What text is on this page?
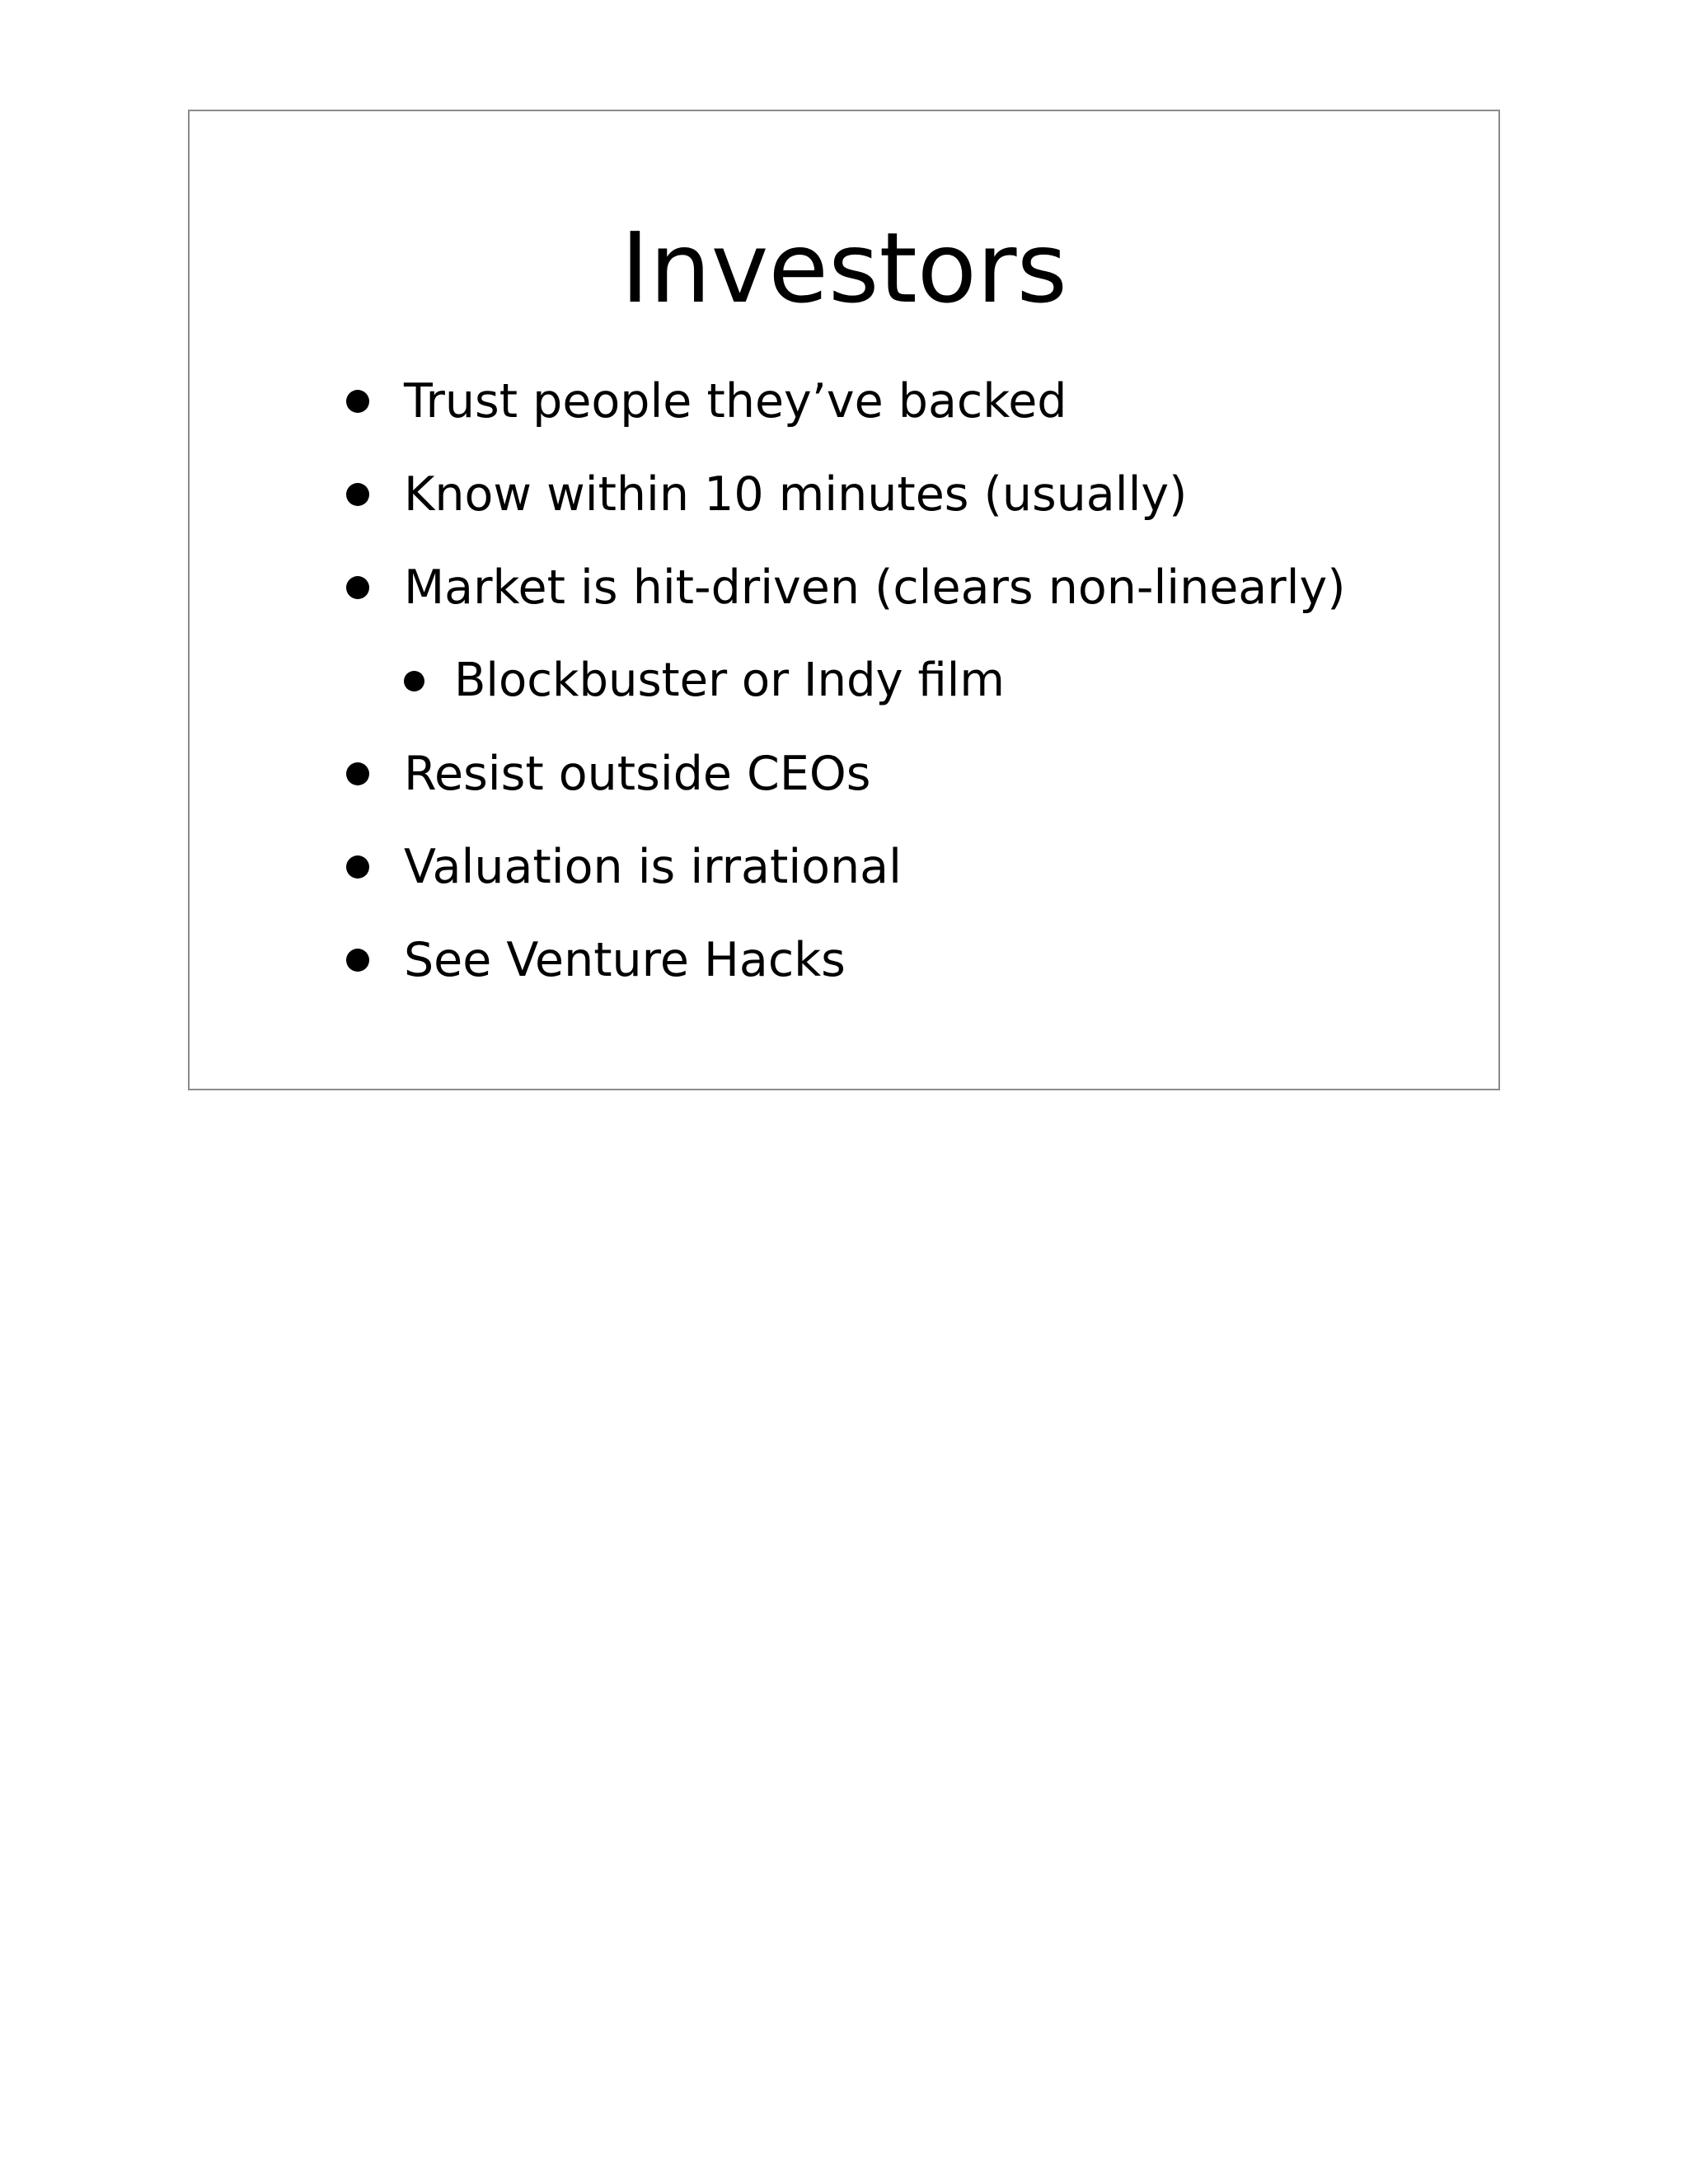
Investors
Trust people they’ve backed
Know within 10 minutes (usually)
Market is hit-driven (clears non-linearly)
Blockbuster or Indy film
Resist outside CEOs
Valuation is irrational
See Venture Hacks
